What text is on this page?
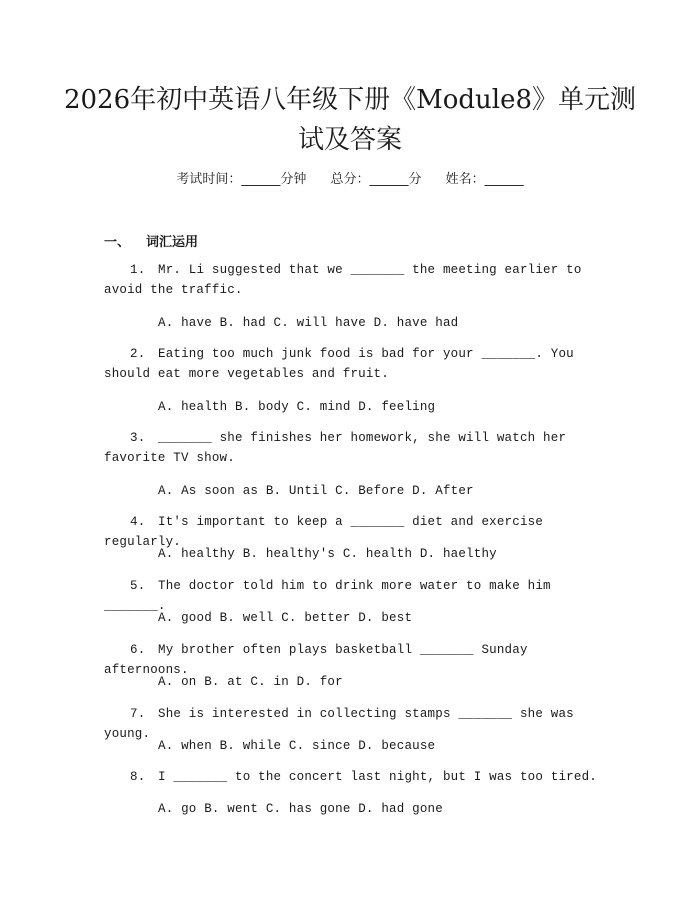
2026年初中英语八年级下册《Module8》单元测试及答案
考试时间：______分钟 总分：______分 姓名：______
一、 词汇运用
1. Mr. Li suggested that we _______ the meeting earlier to avoid the traffic.
A. have B. had C. will have D. have had
2. Eating too much junk food is bad for your _______. You should eat more vegetables and fruit.
A. health B. body C. mind D. feeling
3. _______ she finishes her homework, she will watch her favorite TV show.
A. As soon as B. Until C. Before D. After
4. It's important to keep a _______ diet and exercise regularly.
A. healthy B. healthy's C. health D. haelthy
5. The doctor told him to drink more water to make him _______.
A. good B. well C. better D. best
6. My brother often plays basketball _______ Sunday afternoons.
A. on B. at C. in D. for
7. She is interested in collecting stamps _______ she was young.
A. when B. while C. since D. because
8. I _______ to the concert last night, but I was too tired.
A. go B. went C. has gone D. had gone
